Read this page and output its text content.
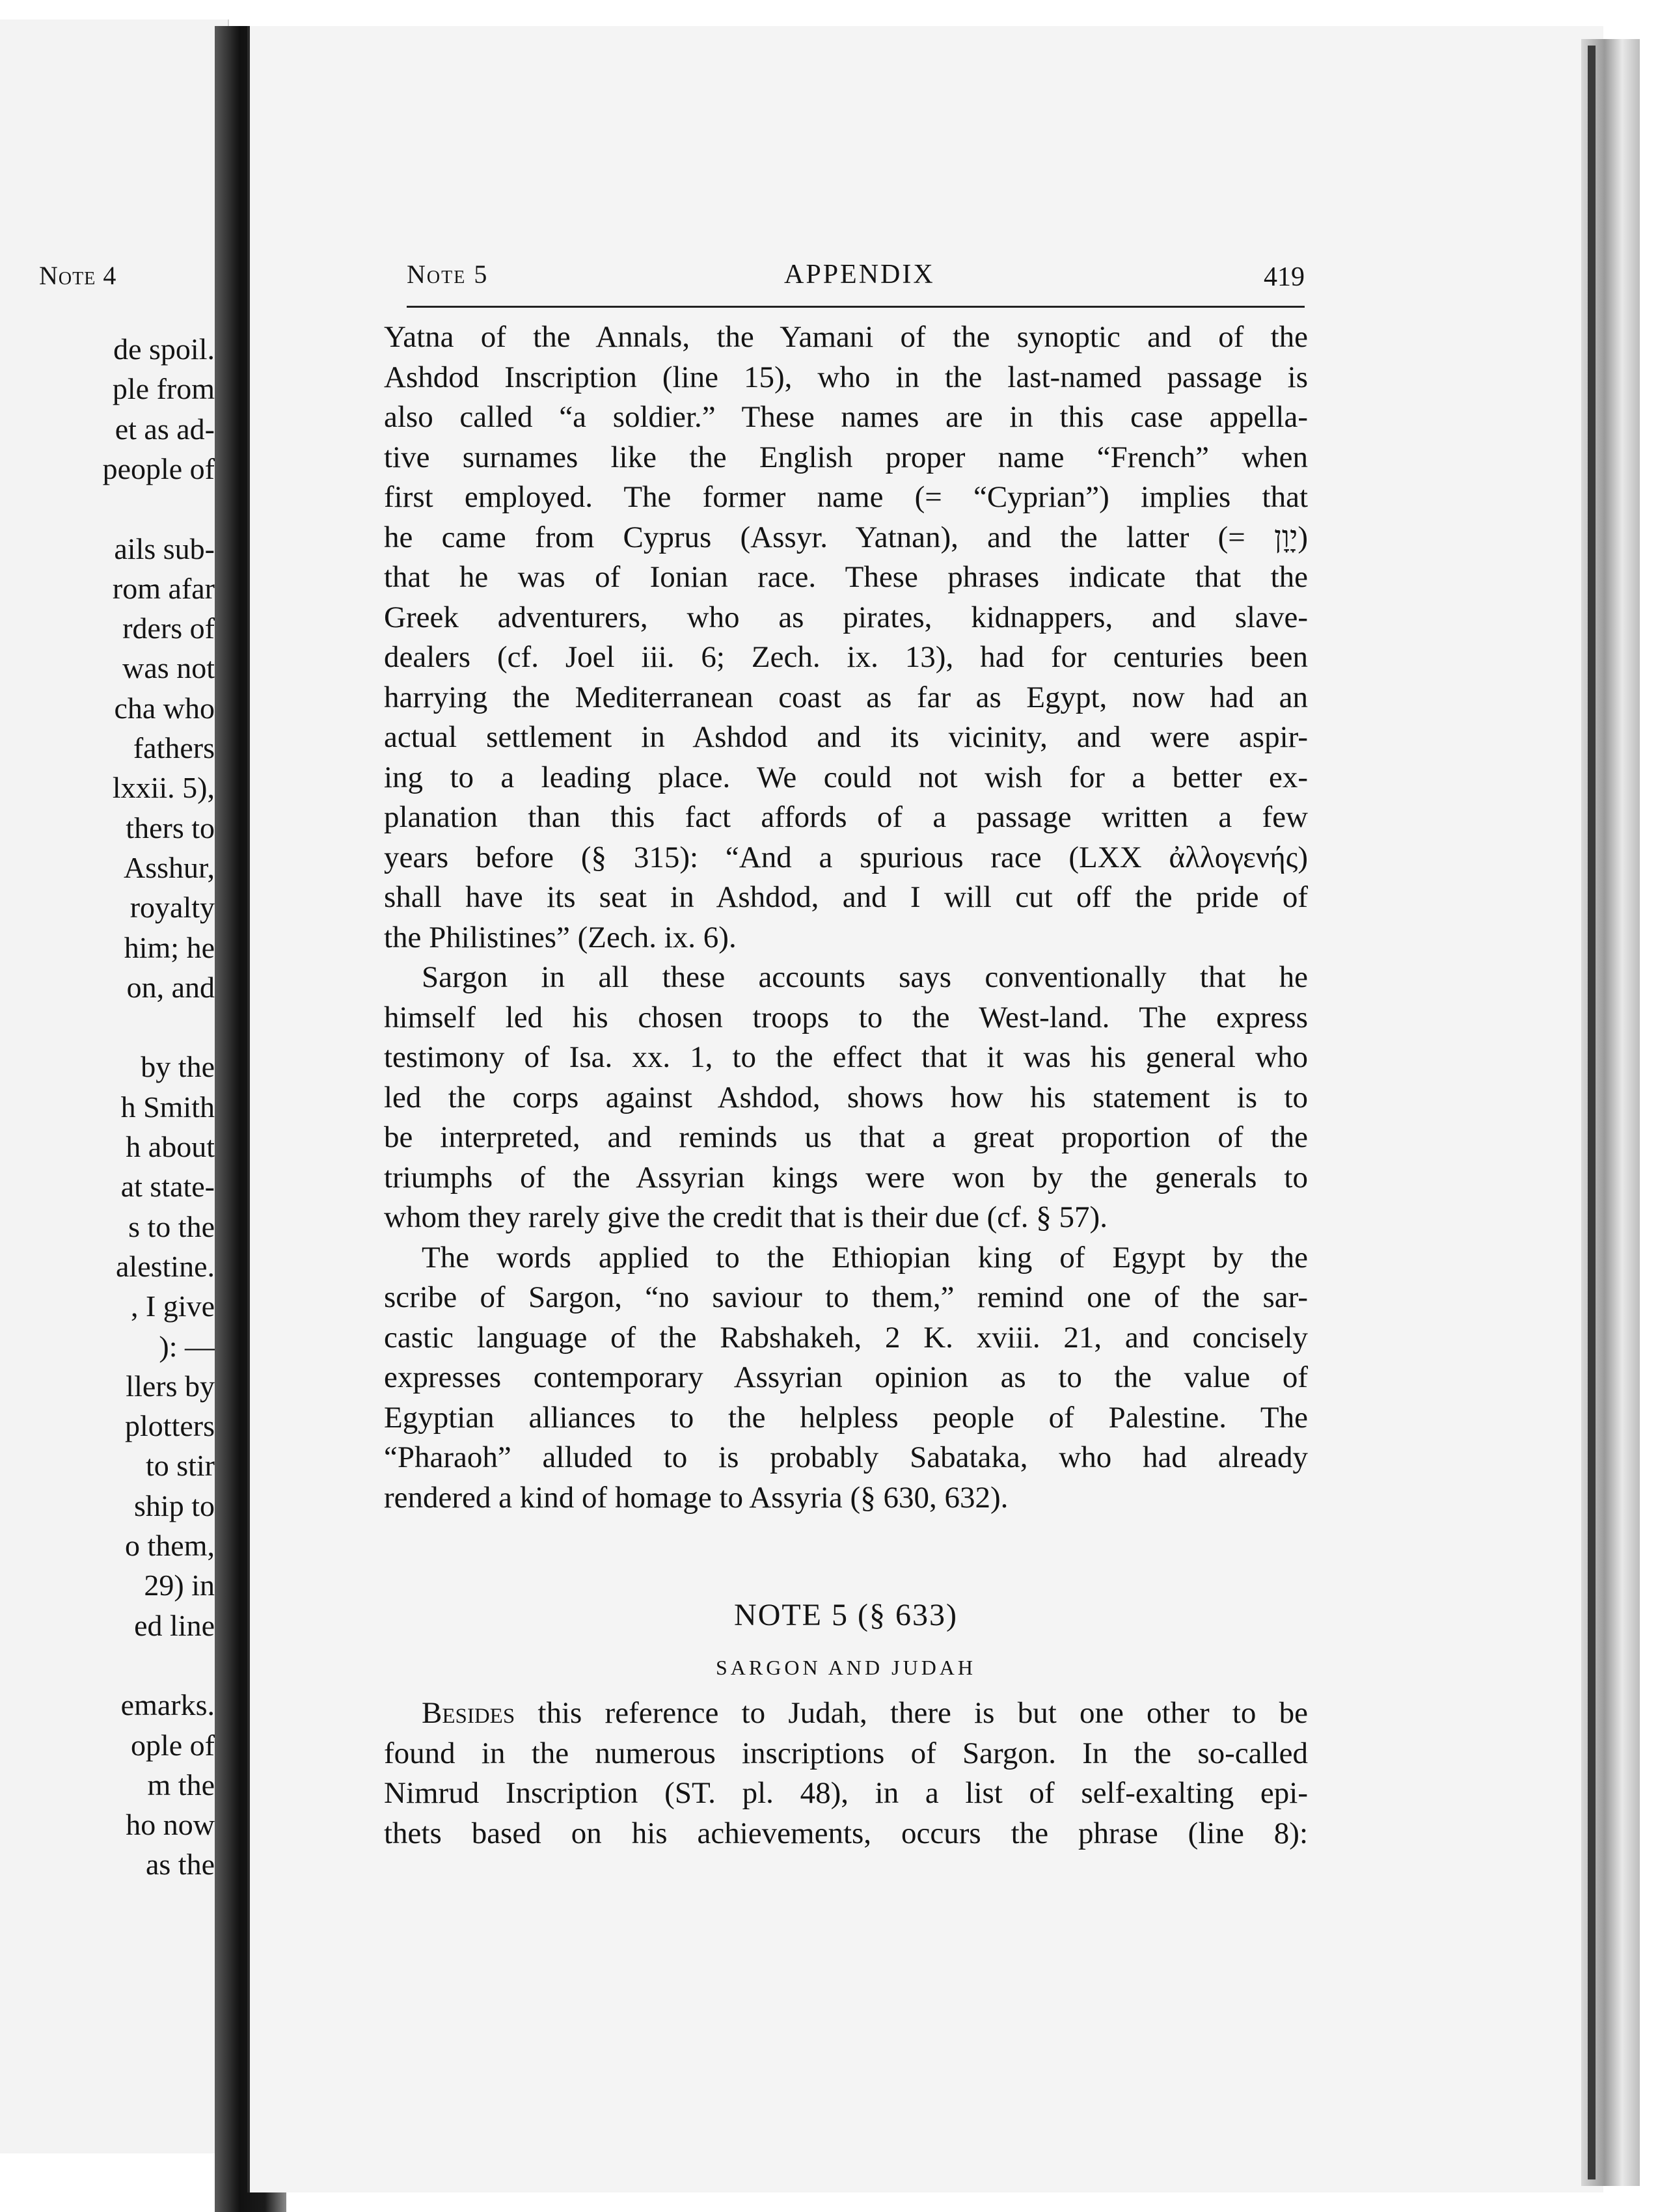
Note 4
de spoil.
ple from
et as ad-
people of
ails sub-
rom afar
rders of
was not
cha who
fathers
lxxii. 5),
thers to
Asshur,
royalty
him; he
on, and
by the
h Smith
h about
at state-
s to the
alestine.
, I give
): —
llers by
plotters
to stir
ship to
o them,
29) in
ed line
emarks.
ople of
m the
ho now
as the
Note 5	APPENDIX	419
Yatna of the Annals, the Yamani of the synoptic and of the
Ashdod Inscription (line 15), who in the last-named passage is
also called “a soldier.” These names are in this case appella-
tive surnames like the English proper name “French” when
first employed. The former name (= “Cyprian”) implies that
he came from Cyprus (Assyr. Yatnan), and the latter (= יָוָן)
that he was of Ionian race. These phrases indicate that the
Greek adventurers, who as pirates, kidnappers, and slave-
dealers (cf. Joel iii. 6; Zech. ix. 13), had for centuries been
harrying the Mediterranean coast as far as Egypt, now had an
actual settlement in Ashdod and its vicinity, and were aspir-
ing to a leading place. We could not wish for a better ex-
planation than this fact affords of a passage written a few
years before (§ 315): “And a spurious race (LXX ἀλλογενής)
shall have its seat in Ashdod, and I will cut off the pride of
the Philistines” (Zech. ix. 6).
Sargon in all these accounts says conventionally that he
himself led his chosen troops to the West-land. The express
testimony of Isa. xx. 1, to the effect that it was his general who
led the corps against Ashdod, shows how his statement is to
be interpreted, and reminds us that a great proportion of the
triumphs of the Assyrian kings were won by the generals to
whom they rarely give the credit that is their due (cf. § 57).
The words applied to the Ethiopian king of Egypt by the
scribe of Sargon, “no saviour to them,” remind one of the sar-
castic language of the Rabshakeh, 2 K. xviii. 21, and concisely
expresses contemporary Assyrian opinion as to the value of
Egyptian alliances to the helpless people of Palestine. The
“Pharaoh” alluded to is probably Sabataka, who had already
rendered a kind of homage to Assyria (§ 630, 632).
NOTE 5 (§ 633)
SARGON AND JUDAH
Besides this reference to Judah, there is but one other to be
found in the numerous inscriptions of Sargon. In the so-called
Nimrud Inscription (ST. pl. 48), in a list of self-exalting epi-
thets based on his achievements, occurs the phrase (line 8):
